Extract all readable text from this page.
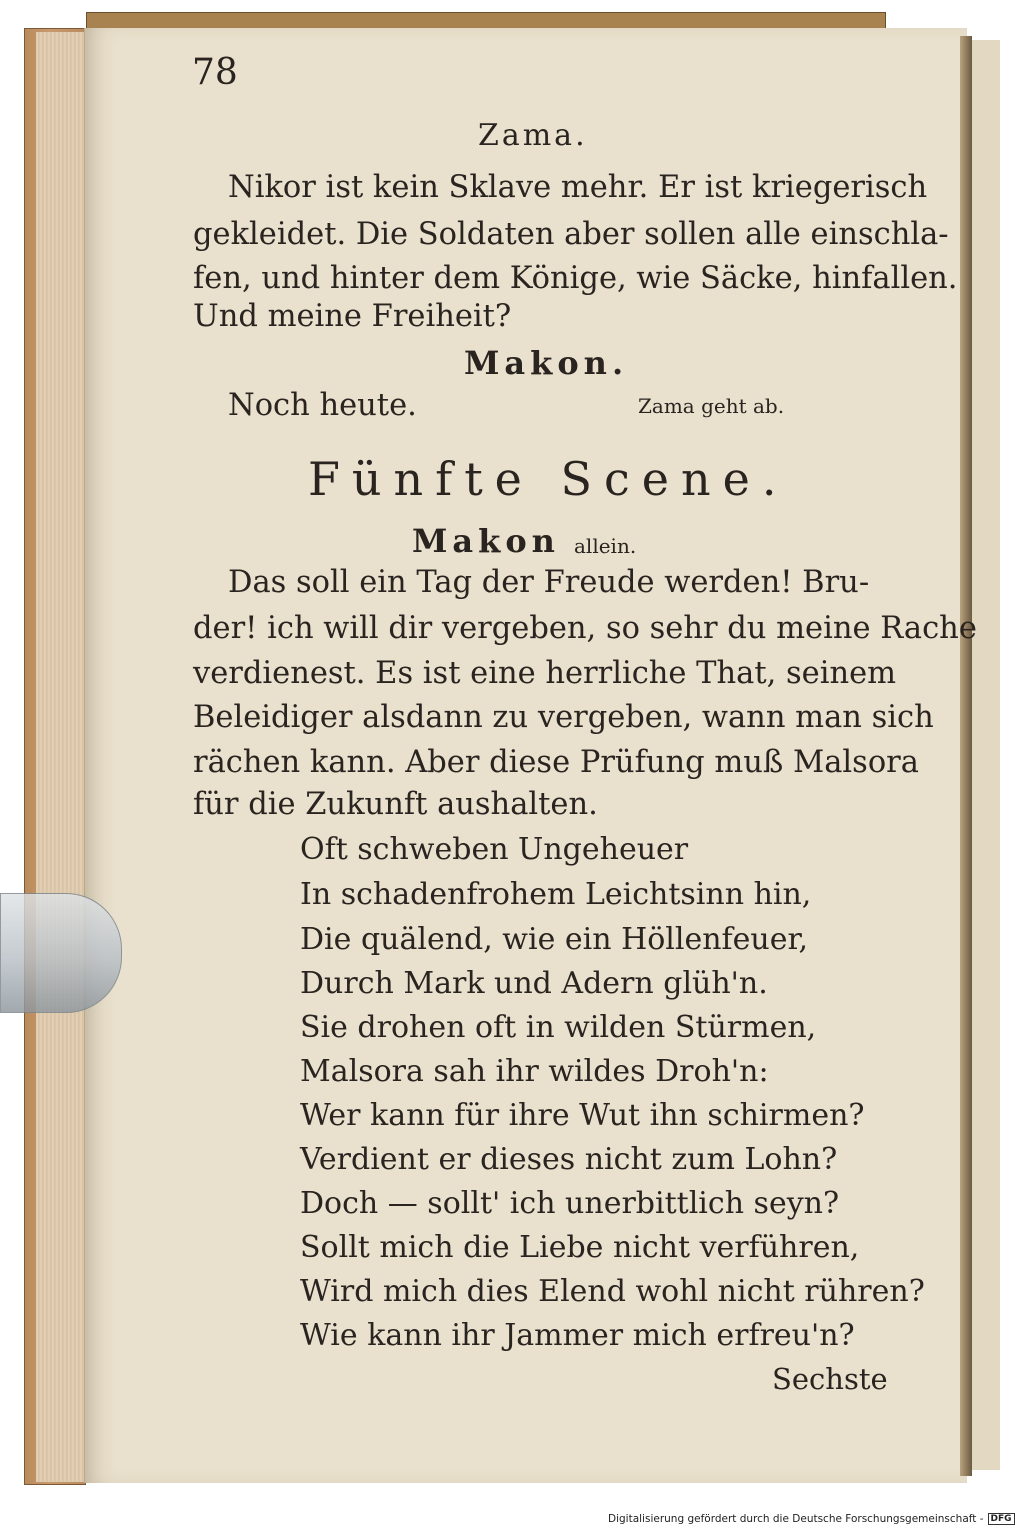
78
Zama.
Nikor ist kein Sklave mehr. Er ist kriegerisch
gekleidet. Die Soldaten aber sollen alle einschla-
fen, und hinter dem Könige, wie Säcke, hinfallen.
Und meine Freiheit?
Makon.
Noch heute.	Zama geht ab.
Fünfte Scene.
Makon allein.
Das soll ein Tag der Freude werden! Bru-
der! ich will dir vergeben, so sehr du meine Rache
verdienest. Es ist eine herrliche That, seinem
Beleidiger alsdann zu vergeben, wann man sich
rächen kann. Aber diese Prüfung muß Malsora
für die Zukunft aushalten.
Oft schweben Ungeheuer
In schadenfrohem Leichtsinn hin,
Die quälend, wie ein Höllenfeuer,
Durch Mark und Adern glüh'n.
Sie drohen oft in wilden Stürmen,
Malsora sah ihr wildes Droh'n:
Wer kann für ihre Wut ihn schirmen?
Verdient er dieses nicht zum Lohn?
Doch — sollt' ich unerbittlich seyn?
Sollt mich die Liebe nicht verführen,
Wird mich dies Elend wohl nicht rühren?
Wie kann ihr Jammer mich erfreu'n?
Sechste
Digitalisierung gefördert durch die Deutsche Forschungsgemeinschaft - DFG
